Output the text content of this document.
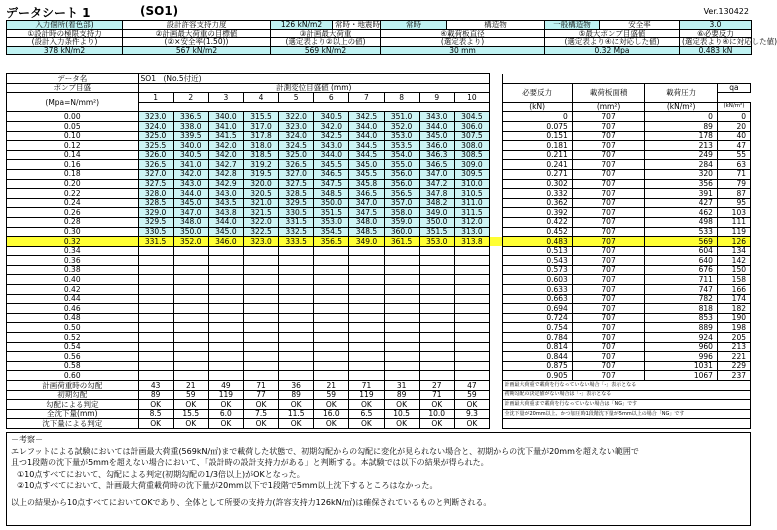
データシート 1	(SO1)	Ver.130422
入力個所(着色部)	設計許容支持力度	126 kN/m2	常時・地震時	常時	構造物	一般構造物	安全率	3.0
①設計時の極限支持力	②計画最大荷重の目標値	③計画最大荷重		④載荷板直径		⑤最大ポンプ目盛値		⑥必要反力
(設計入力条件より)	(②×安全率(1.50))	(選定表より②以上の値)		(選定表より)		(選定表より④に対応した値)		(選定表より④に対応した値)
378 kN/m2	567 kN/m2	569 kN/m2		30 mm		0.32 Mpa		0.483 kN
データ名	SO1　(No.5付近)														
ポンプ目盛	計測変位目盛値 (mm)											必要反力	載荷板面積	載荷圧力	qa
(Mpa=N/mm²)	1	2	3	4	5	6	7	8	9	10					
												(kN)	(mm²)	(kN/m²)	(kN/m²)
0.00	323.0	336.5	340.0	315.5	322.0	340.5	342.5	351.0	343.0	304.5		0	707	0	0
0.05	324.0	338.0	341.0	317.0	323.0	342.0	344.0	352.0	344.0	306.0		0.075	707	89	20
0.10	325.0	339.5	341.5	317.8	324.0	342.5	344.0	353.0	345.0	307.5		0.151	707	178	40
0.12	325.5	340.0	342.0	318.0	324.5	343.0	344.5	353.5	346.0	308.0		0.181	707	213	47
0.14	326.0	340.5	342.0	318.5	325.0	344.0	344.5	354.0	346.3	308.5		0.211	707	249	55
0.16	326.5	341.0	342.7	319.2	326.5	345.5	345.0	355.0	346.5	309.0		0.241	707	284	63
0.18	327.0	342.0	342.8	319.5	327.0	346.5	345.5	356.0	347.0	309.5		0.271	707	320	71
0.20	327.5	343.0	342.9	320.0	327.5	347.5	345.8	356.0	347.2	310.0		0.302	707	356	79
0.22	328.0	344.0	343.0	320.5	328.5	348.5	346.5	356.5	347.8	310.5		0.332	707	391	87
0.24	328.5	345.0	343.5	321.0	329.5	350.0	347.0	357.0	348.2	311.0		0.362	707	427	95
0.26	329.0	347.0	343.8	321.5	330.5	351.5	347.5	358.0	349.0	311.5		0.392	707	462	103
0.28	329.5	348.0	344.0	322.0	331.5	353.0	348.0	359.0	350.0	312.0		0.422	707	498	111
0.30	330.5	350.0	345.0	322.5	332.5	354.5	348.5	360.0	351.5	313.0		0.452	707	533	119
0.32	331.5	352.0	346.0	323.0	333.5	356.5	349.0	361.5	353.0	313.8		0.483	707	569	126
0.34												0.513	707	604	134
0.36												0.543	707	640	142
0.38												0.573	707	676	150
0.40												0.603	707	711	158
0.42												0.633	707	747	166
0.44												0.663	707	782	174
0.46												0.694	707	818	182
0.48												0.724	707	853	190
0.50												0.754	707	889	198
0.52												0.784	707	924	205
0.54												0.814	707	960	213
0.56												0.844	707	996	221
0.58												0.875	707	1031	229
0.60												0.905	707	1067	237
計画荷重時の勾配	43	21	49	71	36	21	71	31	27	47		計画最大荷重で載荷を行なっていない場合「-」表示となる			
初期勾配	89	59	119	77	89	59	119	89	71	59		初期勾配の決定値がない場合は「-」表示となる			
勾配による判定	OK	OK	OK	OK	OK	OK	OK	OK	OK	OK		計画最大荷重まで載荷を行なっていない場合は「NG」です			
全沈下量(mm)	8.5	15.5	6.0	7.5	11.5	16.0	6.5	10.5	10.0	9.3		全沈下量が20mm以上、かつ加圧時1段階沈下量が5mm以上の場合「NG」です			
沈下量による判定	OK	OK	OK	OK	OK	OK	OK	OK	OK	OK					
－考察－
エレフットによる試験においては計画最大荷重(569kN/㎡)まで載荷した状態で、初期勾配からの勾配に変化が見られない場合と、初期からの沈下量が20mmを超えない範囲で
且つ1段階の沈下量が5mmを超えない場合において、「設計時の設計支持力がある」と判断する。本試験では以下の結果が得られた。
①10点すべてにおいて、勾配による判定(初期勾配の1/3倍以上)がOKとなった。
②10点すべてにおいて、計画最大荷重載荷時の沈下量が20mm以下で1段階で5mm以上沈下するところはなかった。
以上の結果から10点すべてにおいてOKであり、全体として所要の支持力(許容支持力126kN/㎡)は確保されているものと判断される。
